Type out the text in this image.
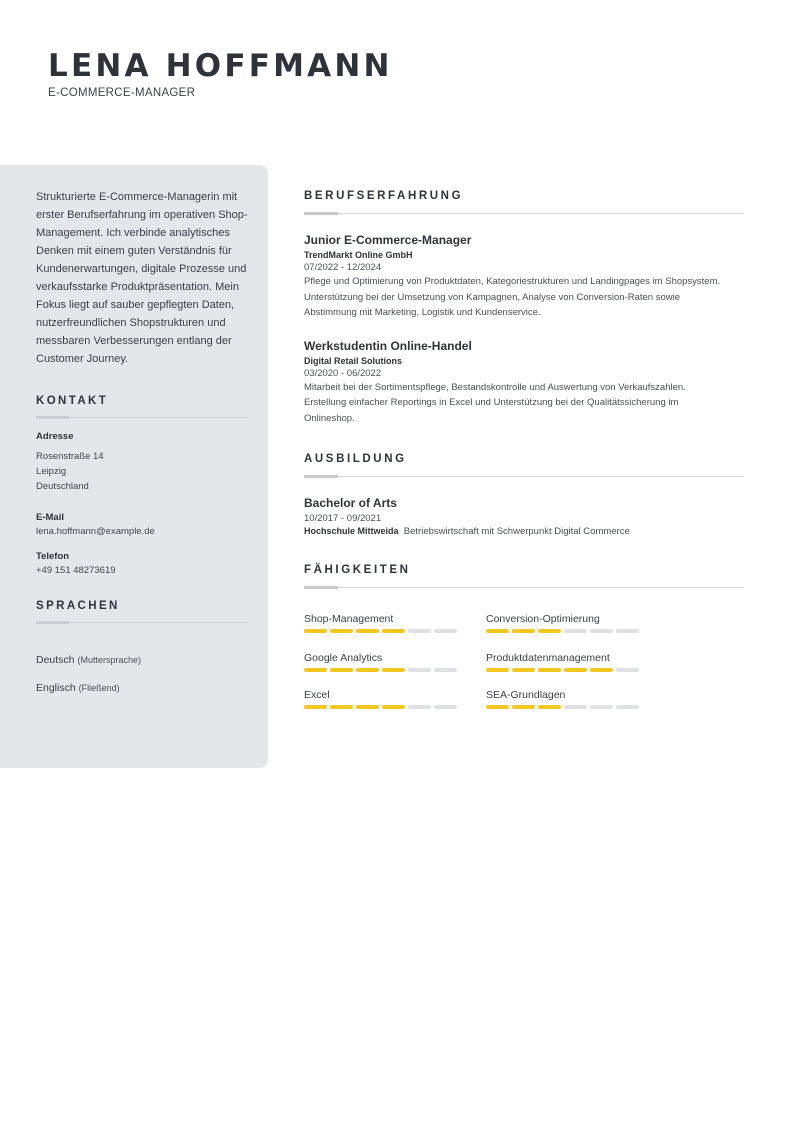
LENA HOFFMANN
E-COMMERCE-MANAGER

Strukturierte E-Commerce-Managerin mit erster Berufserfahrung im operativen Shop-Management. Ich verbinde analytisches Denken mit einem guten Verständnis für Kundenerwartungen, digitale Prozesse und verkaufsstarke Produktpräsentation. Mein Fokus liegt auf sauber gepflegten Daten, nutzerfreundlichen Shopstrukturen und messbaren Verbesserungen entlang der Customer Journey.

KONTAKT
Adresse
Rosenstraße 14
Leipzig
Deutschland
E-Mail
lena.hoffmann@example.de
Telefon
+49 151 48273619
SPRACHEN
Deutsch (Muttersprache)
Englisch (Fließend)
BERUFSERFAHRUNG
Junior E-Commerce-Manager
TrendMarkt Online GmbH
07/2022 - 12/2024
Pflege und Optimierung von Produktdaten, Kategoriestrukturen und Landingpages im Shopsystem.
Unterstützung bei der Umsetzung von Kampagnen, Analyse von Conversion-Raten sowie
Abstimmung mit Marketing, Logistik und Kundenservice.
Werkstudentin Online-Handel
Digital Retail Solutions
03/2020 - 06/2022
Mitarbeit bei der Sortimentspflege, Bestandskontrolle und Auswertung von Verkaufszahlen.
Erstellung einfacher Reportings in Excel und Unterstützung bei der Qualitätssicherung im
Onlineshop.
AUSBILDUNG
Bachelor of Arts
10/2017 - 09/2021
Hochschule Mittweida Betriebswirtschaft mit Schwerpunkt Digital Commerce
FÄHIGKEITEN
Shop-Management	Conversion-Optimierung
Google Analytics	Produktdatenmanagement
Excel	SEA-Grundlagen
